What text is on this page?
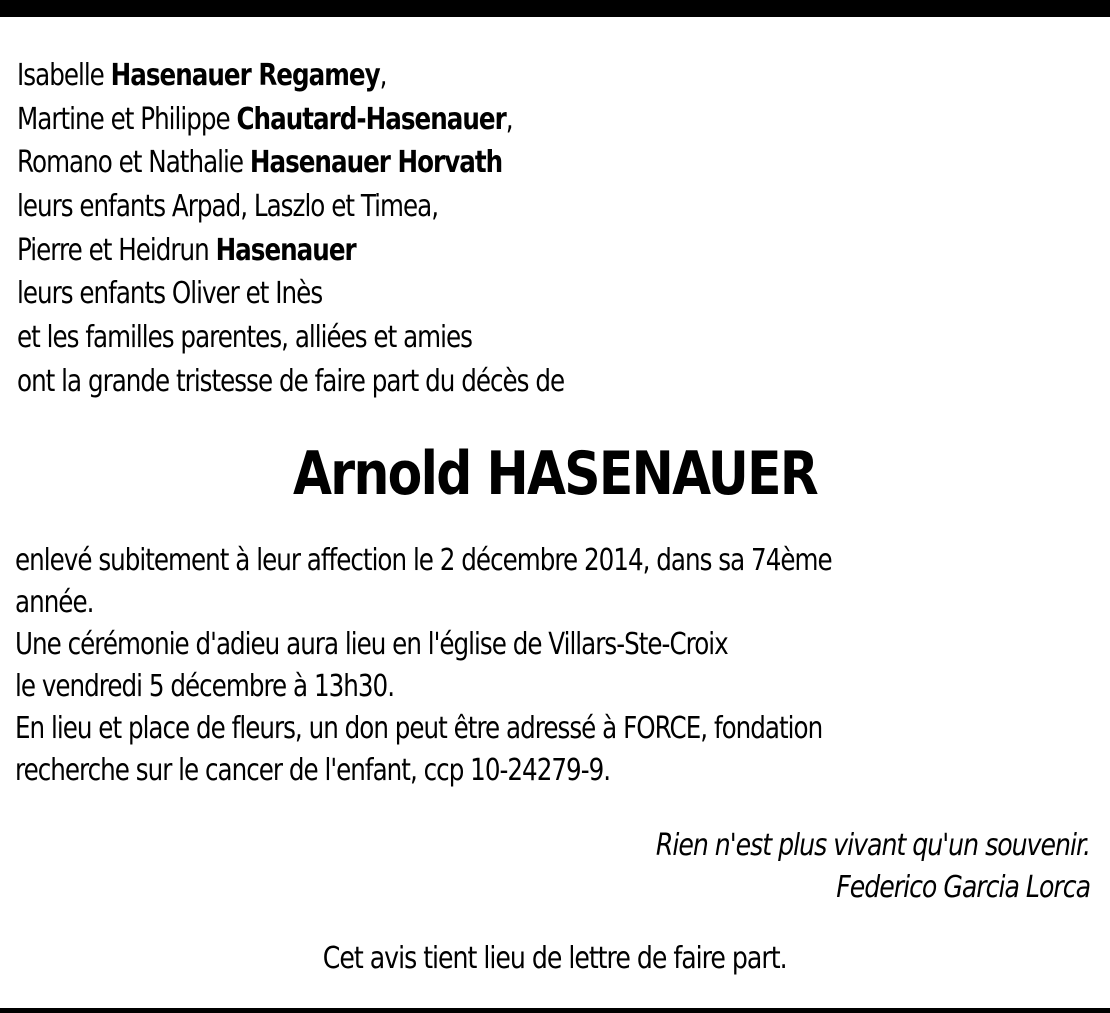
Isabelle Hasenauer Regamey,
Martine et Philippe Chautard-Hasenauer,
Romano et Nathalie Hasenauer Horvath
leurs enfants Arpad, Laszlo et Timea,
Pierre et Heidrun Hasenauer
leurs enfants Oliver et Inès
et les familles parentes, alliées et amies
ont la grande tristesse de faire part du décès de
Arnold HASENAUER
enlevé subitement à leur affection le 2 décembre 2014, dans sa 74ème
année.
Une cérémonie d'adieu aura lieu en l'église de Villars-Ste-Croix
le vendredi 5 décembre à 13h30.
En lieu et place de fleurs, un don peut être adressé à FORCE, fondation
recherche sur le cancer de l'enfant, ccp 10-24279-9.
Rien n'est plus vivant qu'un souvenir.
Federico Garcia Lorca
Cet avis tient lieu de lettre de faire part.
